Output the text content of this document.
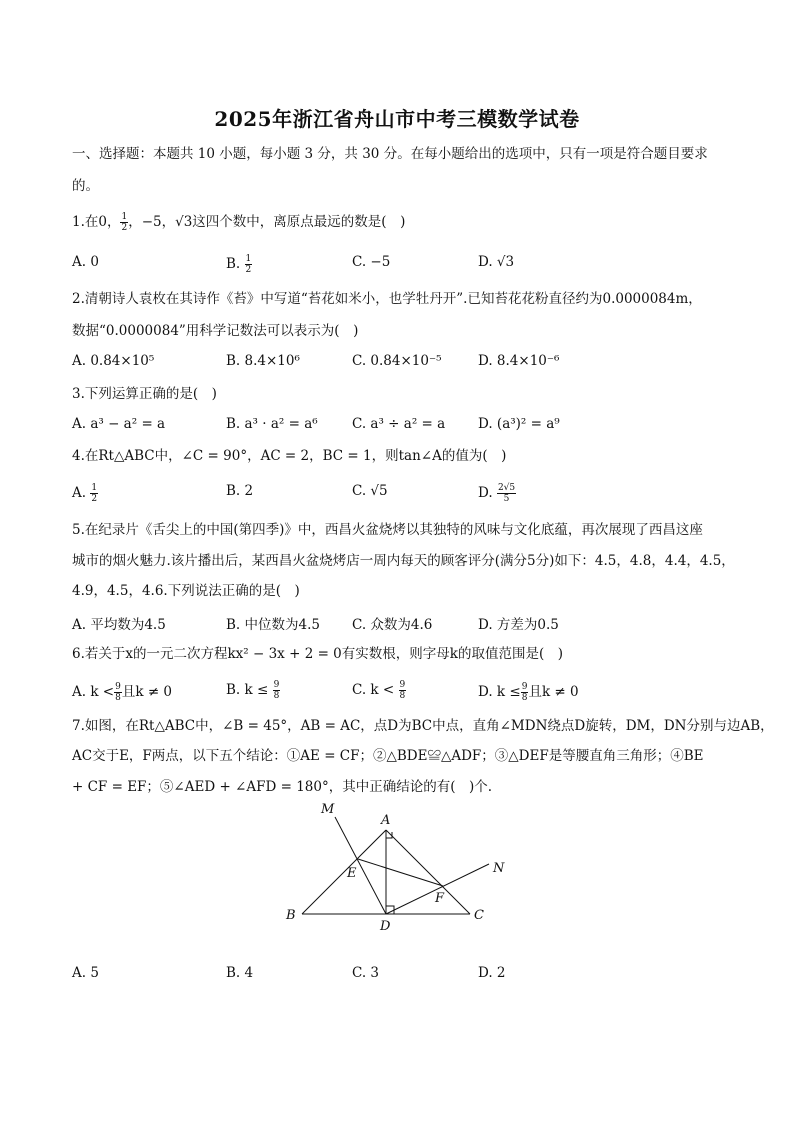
2025年浙江省舟山市中考三模数学试卷
一、选择题：本题共 10 小题，每小题 3 分，共 30 分。在每小题给出的选项中，只有一项是符合题目要求
的。
1.在0， $\frac{1}{2}$ ，−5，√3这四个数中，离原点最远的数是(　)
A. 0	B. $\frac{1}{2}$	C. −5	D. √3
2.清朝诗人袁枚在其诗作《苔》中写道“苔花如米小，也学牡丹开”.已知苔花花粉直径约为0.0000084m，
数据“0.0000084”用科学记数法可以表示为(　)
A. 0.84×10⁵	B. 8.4×10⁶	C. 0.84×10⁻⁵	D. 8.4×10⁻⁶
3.下列运算正确的是(　)
A. a³ − a² = a	B. a³ · a² = a⁶	C. a³ ÷ a² = a D. (a³)² = a⁹
4.在Rt△ABC中，∠C = 90°，AC = 2，BC = 1，则tan∠A的值为(　)
A. $\frac{1}{2}$	B. 2	C. √5	D. $\frac{2√5}{5}$
5.在纪录片《舌尖上的中国(第四季)》中，西昌火盆烧烤以其独特的风味与文化底蕴，再次展现了西昌这座
城市的烟火魅力.该片播出后，某西昌火盆烧烤店一周内每天的顾客评分(满分5分)如下：4.5，4.8，4.4，4.5，
4.9，4.5，4.6.下列说法正确的是(　)
A. 平均数为4.5	B. 中位数为4.5 C. 众数为4.6	D. 方差为0.5
6.若关于x的一元二次方程kx² − 3x + 2 = 0有实数根，则字母k的取值范围是(　)
A. $k < \frac{9}{8}$ 且k ≠ 0	B. $k \le \frac{9}{8}$	C. $k < \frac{9}{8}$	D. $k \le \frac{9}{8}$ 且k ≠ 0
7.如图，在Rt△ABC中，∠B = 45°，AB = AC，点D为BC中点，直角∠MDN绕点D旋转，DM，DN分别与边AB，
AC交于E，F两点，以下五个结论：①AE = CF；②△BDE≌△ADF；③△DEF是等腰直角三角形；④BE
+ CF = EF；⑤∠AED + ∠AFD = 180°，其中正确结论的有(　)个.
M
A
N
E
F
B
D
C
A. 5	B. 4	C. 3	D. 2
